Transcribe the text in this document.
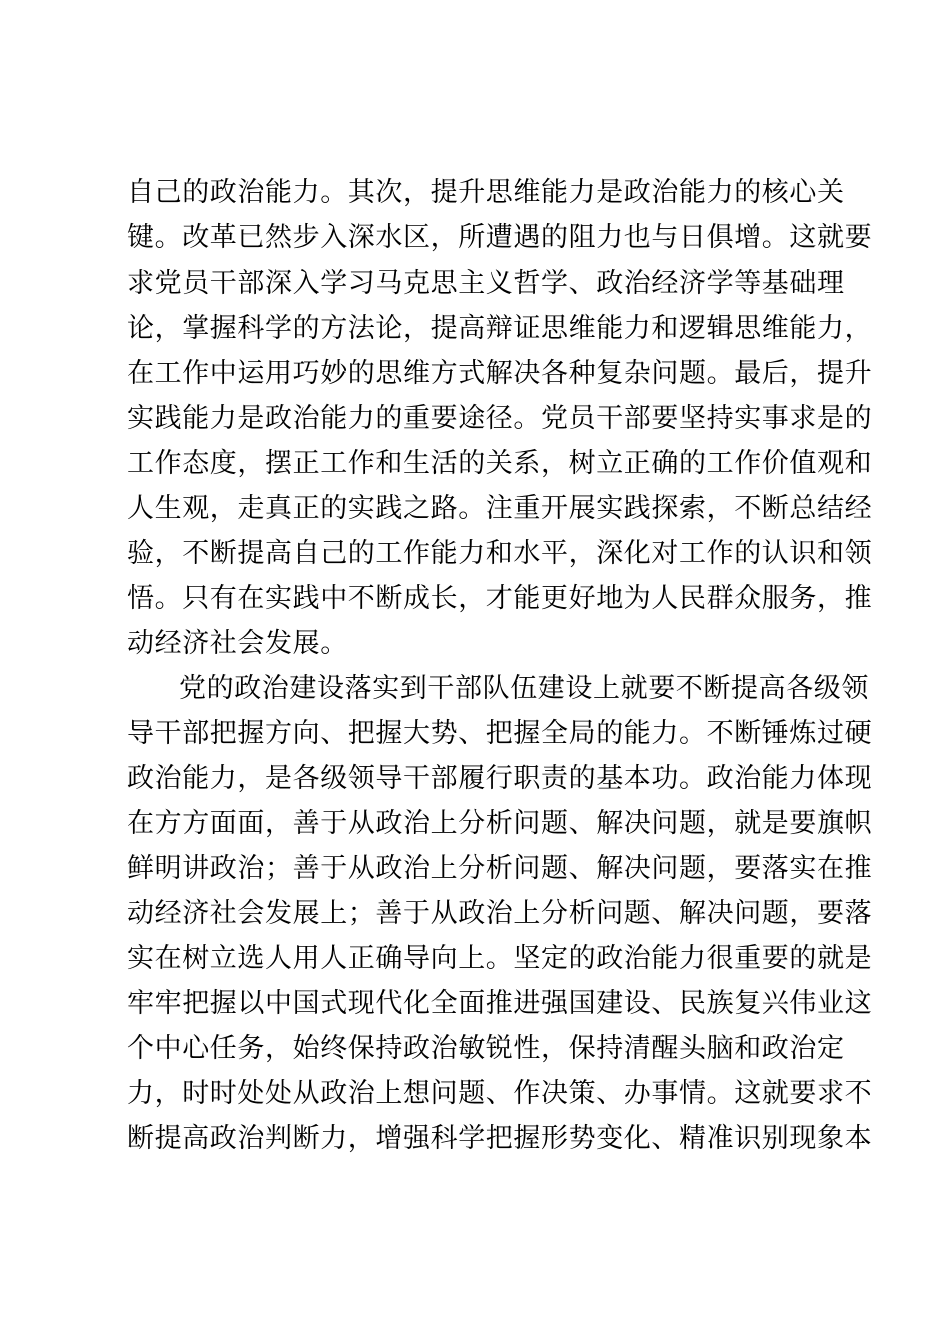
自己的政治能力。其次，提升思维能力是政治能力的核心关
键。改革已然步入深水区，所遭遇的阻力也与日俱增。这就要
求党员干部深入学习马克思主义哲学、政治经济学等基础理
论，掌握科学的方法论，提高辩证思维能力和逻辑思维能力，
在工作中运用巧妙的思维方式解决各种复杂问题。最后，提升
实践能力是政治能力的重要途径。党员干部要坚持实事求是的
工作态度，摆正工作和生活的关系，树立正确的工作价值观和
人生观，走真正的实践之路。注重开展实践探索，不断总结经
验，不断提高自己的工作能力和水平，深化对工作的认识和领
悟。只有在实践中不断成长，才能更好地为人民群众服务，推
动经济社会发展。
党的政治建设落实到干部队伍建设上就要不断提高各级领
导干部把握方向、把握大势、把握全局的能力。不断锤炼过硬
政治能力，是各级领导干部履行职责的基本功。政治能力体现
在方方面面，善于从政治上分析问题、解决问题，就是要旗帜
鲜明讲政治；善于从政治上分析问题、解决问题，要落实在推
动经济社会发展上；善于从政治上分析问题、解决问题，要落
实在树立选人用人正确导向上。坚定的政治能力很重要的就是
牢牢把握以中国式现代化全面推进强国建设、民族复兴伟业这
个中心任务，始终保持政治敏锐性，保持清醒头脑和政治定
力，时时处处从政治上想问题、作决策、办事情。这就要求不
断提高政治判断力，增强科学把握形势变化、精准识别现象本
